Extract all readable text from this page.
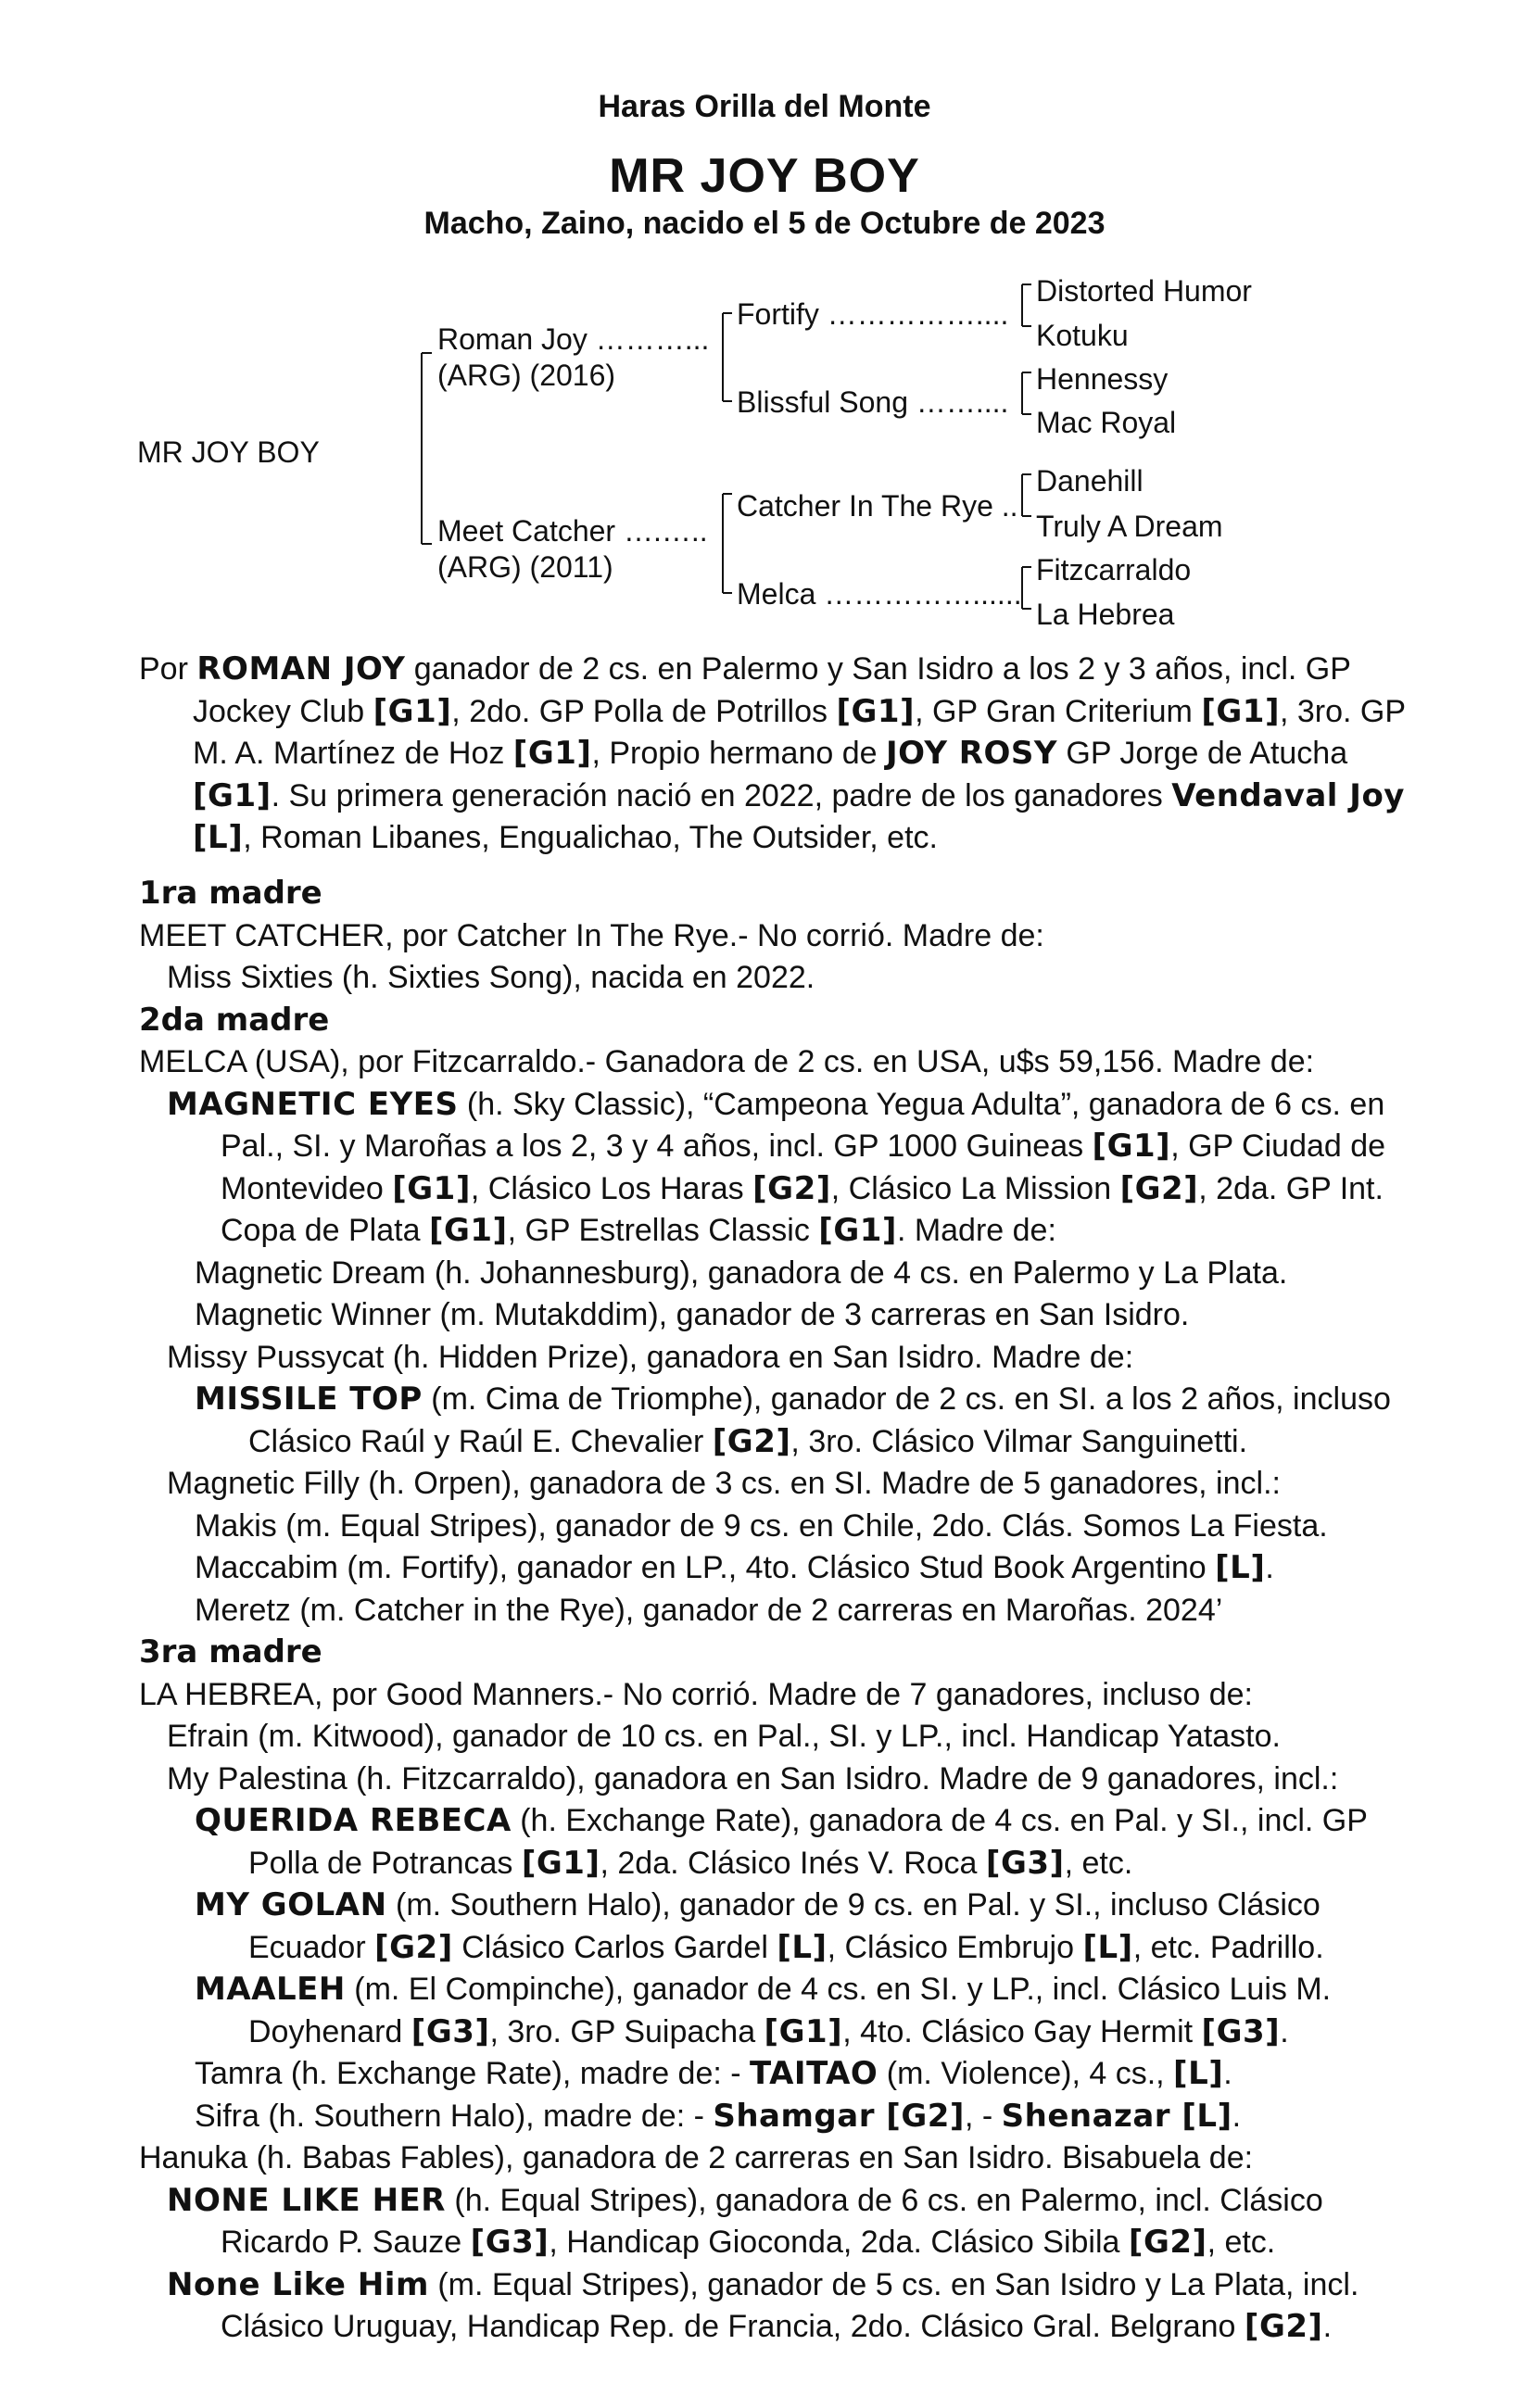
Haras Orilla del Monte
MR JOY BOY
Macho, Zaino, nacido el 5 de Octubre de 2023
MR JOY BOY
Roman Joy ………...
(ARG) (2016)
Meet Catcher ….…..
(ARG) (2011)
Fortify ……………....
Blissful Song ……....
Catcher In The Rye ..
Melca ……………......
Distorted Humor
Kotuku
Hennessy
Mac Royal
Danehill
Truly A Dream
Fitzcarraldo
La Hebrea

Por ROMAN JOY ganador de 2 cs. en Palermo y San Isidro a los 2 y 3 años, incl. GP Jockey Club [G1], 2do. GP Polla de Potrillos [G1], GP Gran Criterium [G1], 3ro. GP M. A. Martínez de Hoz [G1], Propio hermano de JOY ROSY GP Jorge de Atucha [G1]. Su primera generación nació en 2022, padre de los ganadores Vendaval Joy [L], Roman Libanes, Engualichao, The Outsider, etc.

1ra madre

MEET CATCHER, por Catcher In The Rye.- No corrió. Madre de:

Miss Sixties (h. Sixties Song), nacida en 2022.

2da madre

MELCA (USA), por Fitzcarraldo.- Ganadora de 2 cs. en USA, u$s 59,156. Madre de:

MAGNETIC EYES (h. Sky Classic), “Campeona Yegua Adulta”, ganadora de 6 cs. en Pal., SI. y Maroñas a los 2, 3 y 4 años, incl. GP 1000 Guineas [G1], GP Ciudad de Montevideo [G1], Clásico Los Haras [G2], Clásico La Mission [G2], 2da. GP Int. Copa de Plata [G1], GP Estrellas Classic [G1]. Madre de:

Magnetic Dream (h. Johannesburg), ganadora de 4 cs. en Palermo y La Plata.

Magnetic Winner (m. Mutakddim), ganador de 3 carreras en San Isidro.

Missy Pussycat (h. Hidden Prize), ganadora en San Isidro. Madre de:

MISSILE TOP (m. Cima de Triomphe), ganador de 2 cs. en SI. a los 2 años, incluso Clásico Raúl y Raúl E. Chevalier [G2], 3ro. Clásico Vilmar Sanguinetti.

Magnetic Filly (h. Orpen), ganadora de 3 cs. en SI. Madre de 5 ganadores, incl.:

Makis (m. Equal Stripes), ganador de 9 cs. en Chile, 2do. Clás. Somos La Fiesta.

Maccabim (m. Fortify), ganador en LP., 4to. Clásico Stud Book Argentino [L].

Meretz (m. Catcher in the Rye), ganador de 2 carreras en Maroñas. 2024’

3ra madre

LA HEBREA, por Good Manners.- No corrió. Madre de 7 ganadores, incluso de:

Efrain (m. Kitwood), ganador de 10 cs. en Pal., SI. y LP., incl. Handicap Yatasto.

My Palestina (h. Fitzcarraldo), ganadora en San Isidro. Madre de 9 ganadores, incl.:

QUERIDA REBECA (h. Exchange Rate), ganadora de 4 cs. en Pal. y SI., incl. GP Polla de Potrancas [G1], 2da. Clásico Inés V. Roca [G3], etc.

MY GOLAN (m. Southern Halo), ganador de 9 cs. en Pal. y SI., incluso Clásico Ecuador [G2] Clásico Carlos Gardel [L], Clásico Embrujo [L], etc. Padrillo.

MAALEH (m. El Compinche), ganador de 4 cs. en SI. y LP., incl. Clásico Luis M. Doyhenard [G3], 3ro. GP Suipacha [G1], 4to. Clásico Gay Hermit [G3].

Tamra (h. Exchange Rate), madre de: - TAITAO (m. Violence), 4 cs., [L].

Sifra (h. Southern Halo), madre de: - Shamgar [G2], - Shenazar [L].

Hanuka (h. Babas Fables), ganadora de 2 carreras en San Isidro. Bisabuela de:

NONE LIKE HER (h. Equal Stripes), ganadora de 6 cs. en Palermo, incl. Clásico Ricardo P. Sauze [G3], Handicap Gioconda, 2da. Clásico Sibila [G2], etc.

None Like Him (m. Equal Stripes), ganador de 5 cs. en San Isidro y La Plata, incl. Clásico Uruguay, Handicap Rep. de Francia, 2do. Clásico Gral. Belgrano [G2].
